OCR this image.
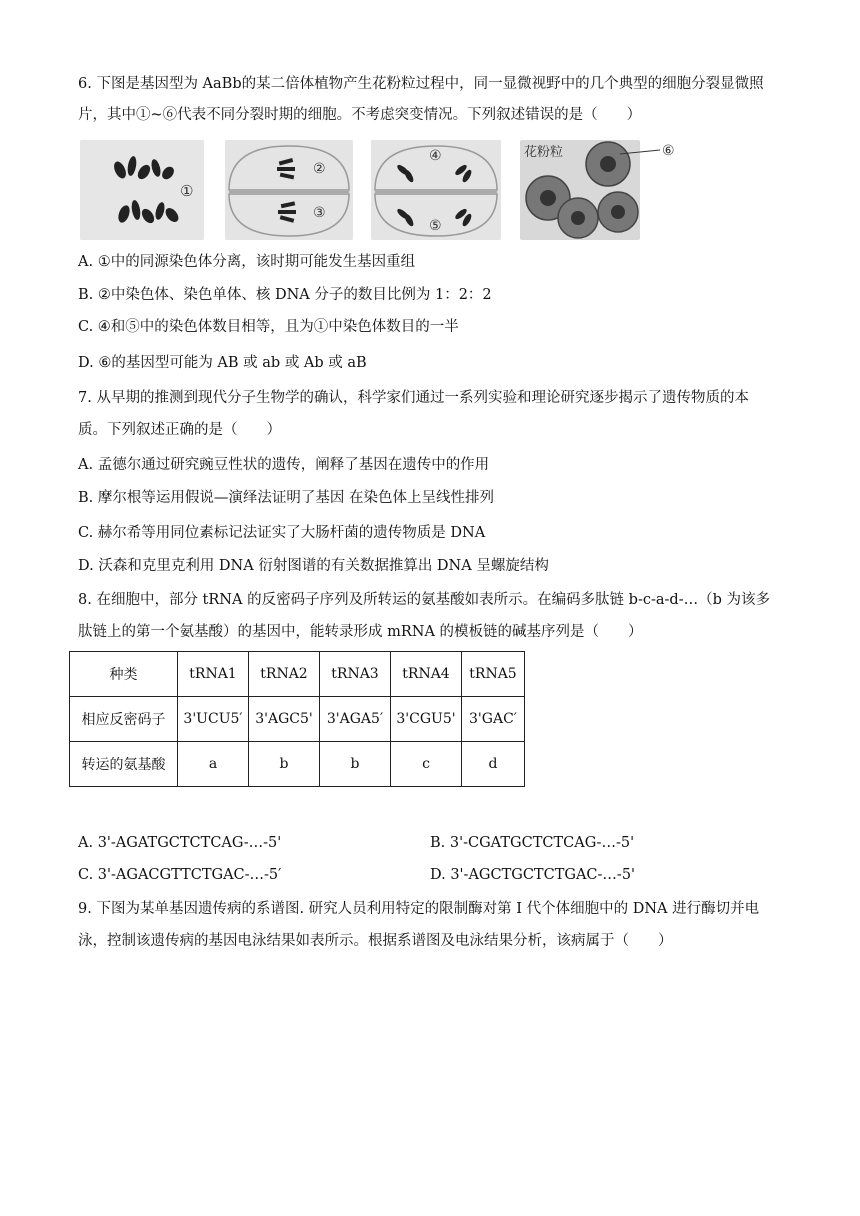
6. 下图是基因型为 AaBb的某二倍体植物产生花粉粒过程中，同一显微视野中的几个典型的细胞分裂显微照
片，其中①~⑥代表不同分裂时期的细胞。不考虑突变情况。下列叙述错误的是（　　）
①
②
③
④
⑤
花粉粒	⑥
A. ①中的同源染色体分离，该时期可能发生基因重组
B. ②中染色体、染色单体、核 DNA 分子的数目比例为 1：2：2
C. ④和⑤中的染色体数目相等，且为①中染色体数目的一半
D. ⑥的基因型可能为 AB 或 ab 或 Ab 或 aB
7. 从早期的推测到现代分子生物学的确认，科学家们通过一系列实验和理论研究逐步揭示了遗传物质的本
质。下列叙述正确的是（　　）
A. 孟德尔通过研究豌豆性状的遗传，阐释了基因在遗传中的作用
B. 摩尔根等运用假说—演绎法证明了基因 在染色体上呈线性排列
C. 赫尔希等用同位素标记法证实了大肠杆菌的遗传物质是 DNA
D. 沃森和克里克利用 DNA 衍射图谱的有关数据推算出 DNA 呈螺旋结构
8. 在细胞中，部分 tRNA 的反密码子序列及所转运的氨基酸如表所示。在编码多肽链 b-c-a-d-…（b 为该多
肽链上的第一个氨基酸）的基因中，能转录形成 mRNA 的模板链的碱基序列是（　　）
种类	tRNA1	tRNA2	tRNA3	tRNA4	tRNA5
相应反密码子	3'UCU5′	3'AGC5'	3'AGA5′	3'CGU5'	3'GAC′
转运的氨基酸	a	b	b	c	d
A. 3'-AGATGCTCTCAG-…-5'	B. 3'-CGATGCTCTCAG-…-5'
C. 3'-AGACGTTCTGAC-…-5′	D. 3'-AGCTGCTCTGAC-…-5'
9. 下图为某单基因遗传病的系谱图. 研究人员利用特定的限制酶对第 I 代个体细胞中的 DNA 进行酶切并电
泳，控制该遗传病的基因电泳结果如表所示。根据系谱图及电泳结果分析，该病属于（　　）
